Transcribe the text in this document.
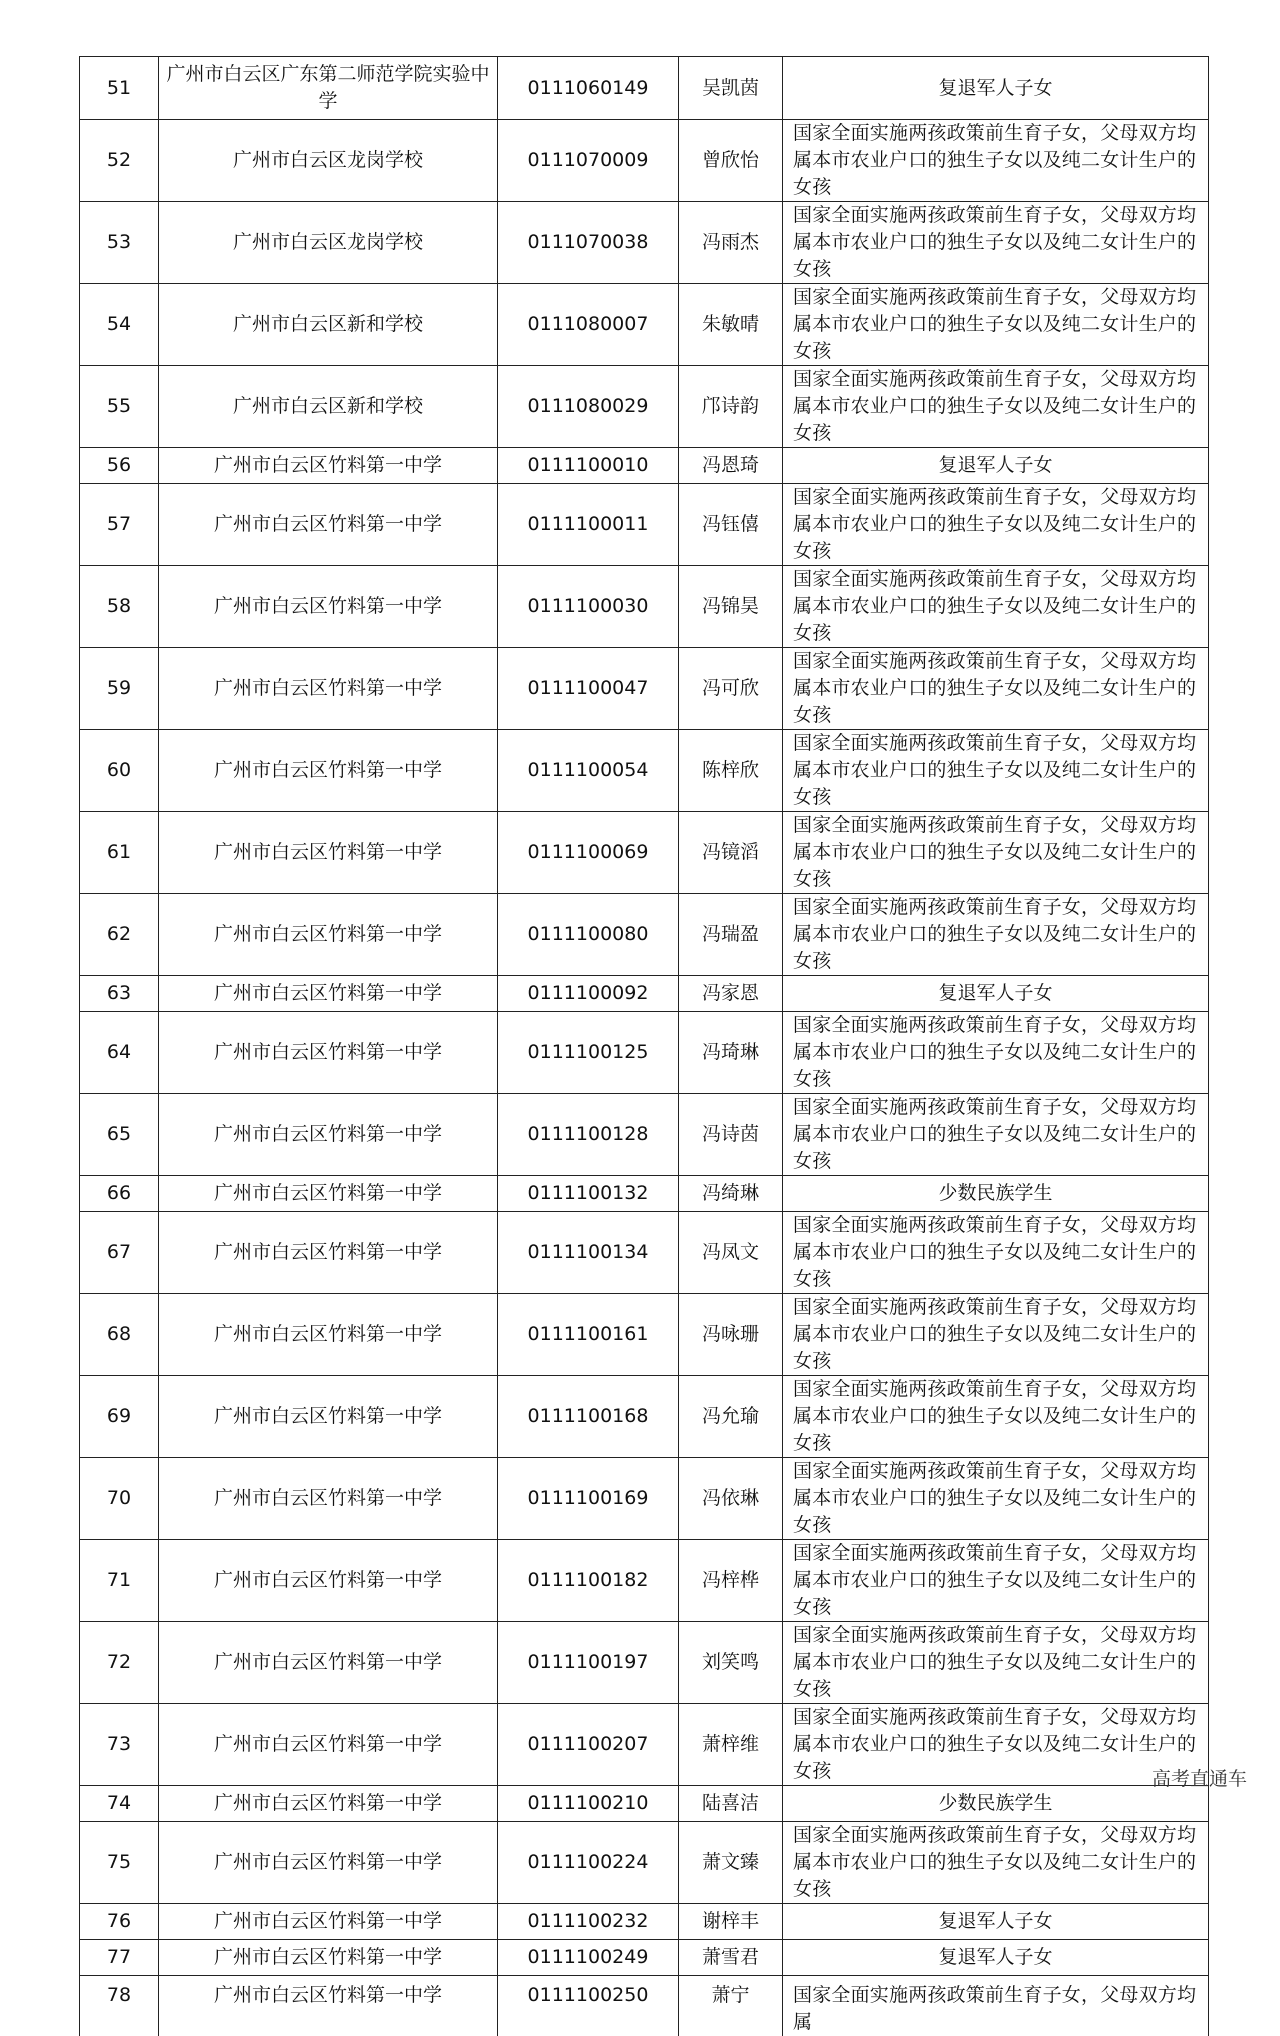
51	广州市白云区广东第二师范学院实验中学	0111060149	吴凯茵	复退军人子女
52	广州市白云区龙岗学校	0111070009	曾欣怡	国家全面实施两孩政策前生育子女，父母双方均属本市农业户口的独生子女以及纯二女计生户的女孩
53	广州市白云区龙岗学校	0111070038	冯雨杰	国家全面实施两孩政策前生育子女，父母双方均属本市农业户口的独生子女以及纯二女计生户的女孩
54	广州市白云区新和学校	0111080007	朱敏晴	国家全面实施两孩政策前生育子女，父母双方均属本市农业户口的独生子女以及纯二女计生户的女孩
55	广州市白云区新和学校	0111080029	邝诗韵	国家全面实施两孩政策前生育子女，父母双方均属本市农业户口的独生子女以及纯二女计生户的女孩
56	广州市白云区竹料第一中学	0111100010	冯恩琦	复退军人子女
57	广州市白云区竹料第一中学	0111100011	冯钰僖	国家全面实施两孩政策前生育子女，父母双方均属本市农业户口的独生子女以及纯二女计生户的女孩
58	广州市白云区竹料第一中学	0111100030	冯锦昊	国家全面实施两孩政策前生育子女，父母双方均属本市农业户口的独生子女以及纯二女计生户的女孩
59	广州市白云区竹料第一中学	0111100047	冯可欣	国家全面实施两孩政策前生育子女，父母双方均属本市农业户口的独生子女以及纯二女计生户的女孩
60	广州市白云区竹料第一中学	0111100054	陈梓欣	国家全面实施两孩政策前生育子女，父母双方均属本市农业户口的独生子女以及纯二女计生户的女孩
61	广州市白云区竹料第一中学	0111100069	冯镜滔	国家全面实施两孩政策前生育子女，父母双方均属本市农业户口的独生子女以及纯二女计生户的女孩
62	广州市白云区竹料第一中学	0111100080	冯瑞盈	国家全面实施两孩政策前生育子女，父母双方均属本市农业户口的独生子女以及纯二女计生户的女孩
63	广州市白云区竹料第一中学	0111100092	冯家恩	复退军人子女
64	广州市白云区竹料第一中学	0111100125	冯琦琳	国家全面实施两孩政策前生育子女，父母双方均属本市农业户口的独生子女以及纯二女计生户的女孩
65	广州市白云区竹料第一中学	0111100128	冯诗茵	国家全面实施两孩政策前生育子女，父母双方均属本市农业户口的独生子女以及纯二女计生户的女孩
66	广州市白云区竹料第一中学	0111100132	冯绮琳	少数民族学生
67	广州市白云区竹料第一中学	0111100134	冯凤文	国家全面实施两孩政策前生育子女，父母双方均属本市农业户口的独生子女以及纯二女计生户的女孩
68	广州市白云区竹料第一中学	0111100161	冯咏珊	国家全面实施两孩政策前生育子女，父母双方均属本市农业户口的独生子女以及纯二女计生户的女孩
69	广州市白云区竹料第一中学	0111100168	冯允瑜	国家全面实施两孩政策前生育子女，父母双方均属本市农业户口的独生子女以及纯二女计生户的女孩
70	广州市白云区竹料第一中学	0111100169	冯依琳	国家全面实施两孩政策前生育子女，父母双方均属本市农业户口的独生子女以及纯二女计生户的女孩
71	广州市白云区竹料第一中学	0111100182	冯梓桦	国家全面实施两孩政策前生育子女，父母双方均属本市农业户口的独生子女以及纯二女计生户的女孩
72	广州市白云区竹料第一中学	0111100197	刘笑鸣	国家全面实施两孩政策前生育子女，父母双方均属本市农业户口的独生子女以及纯二女计生户的女孩
73	广州市白云区竹料第一中学	0111100207	萧梓维	国家全面实施两孩政策前生育子女，父母双方均属本市农业户口的独生子女以及纯二女计生户的女孩
74	广州市白云区竹料第一中学	0111100210	陆喜洁	少数民族学生
75	广州市白云区竹料第一中学	0111100224	萧文臻	国家全面实施两孩政策前生育子女，父母双方均属本市农业户口的独生子女以及纯二女计生户的女孩
76	广州市白云区竹料第一中学	0111100232	谢梓丰	复退军人子女
77	广州市白云区竹料第一中学	0111100249	萧雪君	复退军人子女
78	广州市白云区竹料第一中学	0111100250	萧宁	国家全面实施两孩政策前生育子女，父母双方均属
高考直通车
